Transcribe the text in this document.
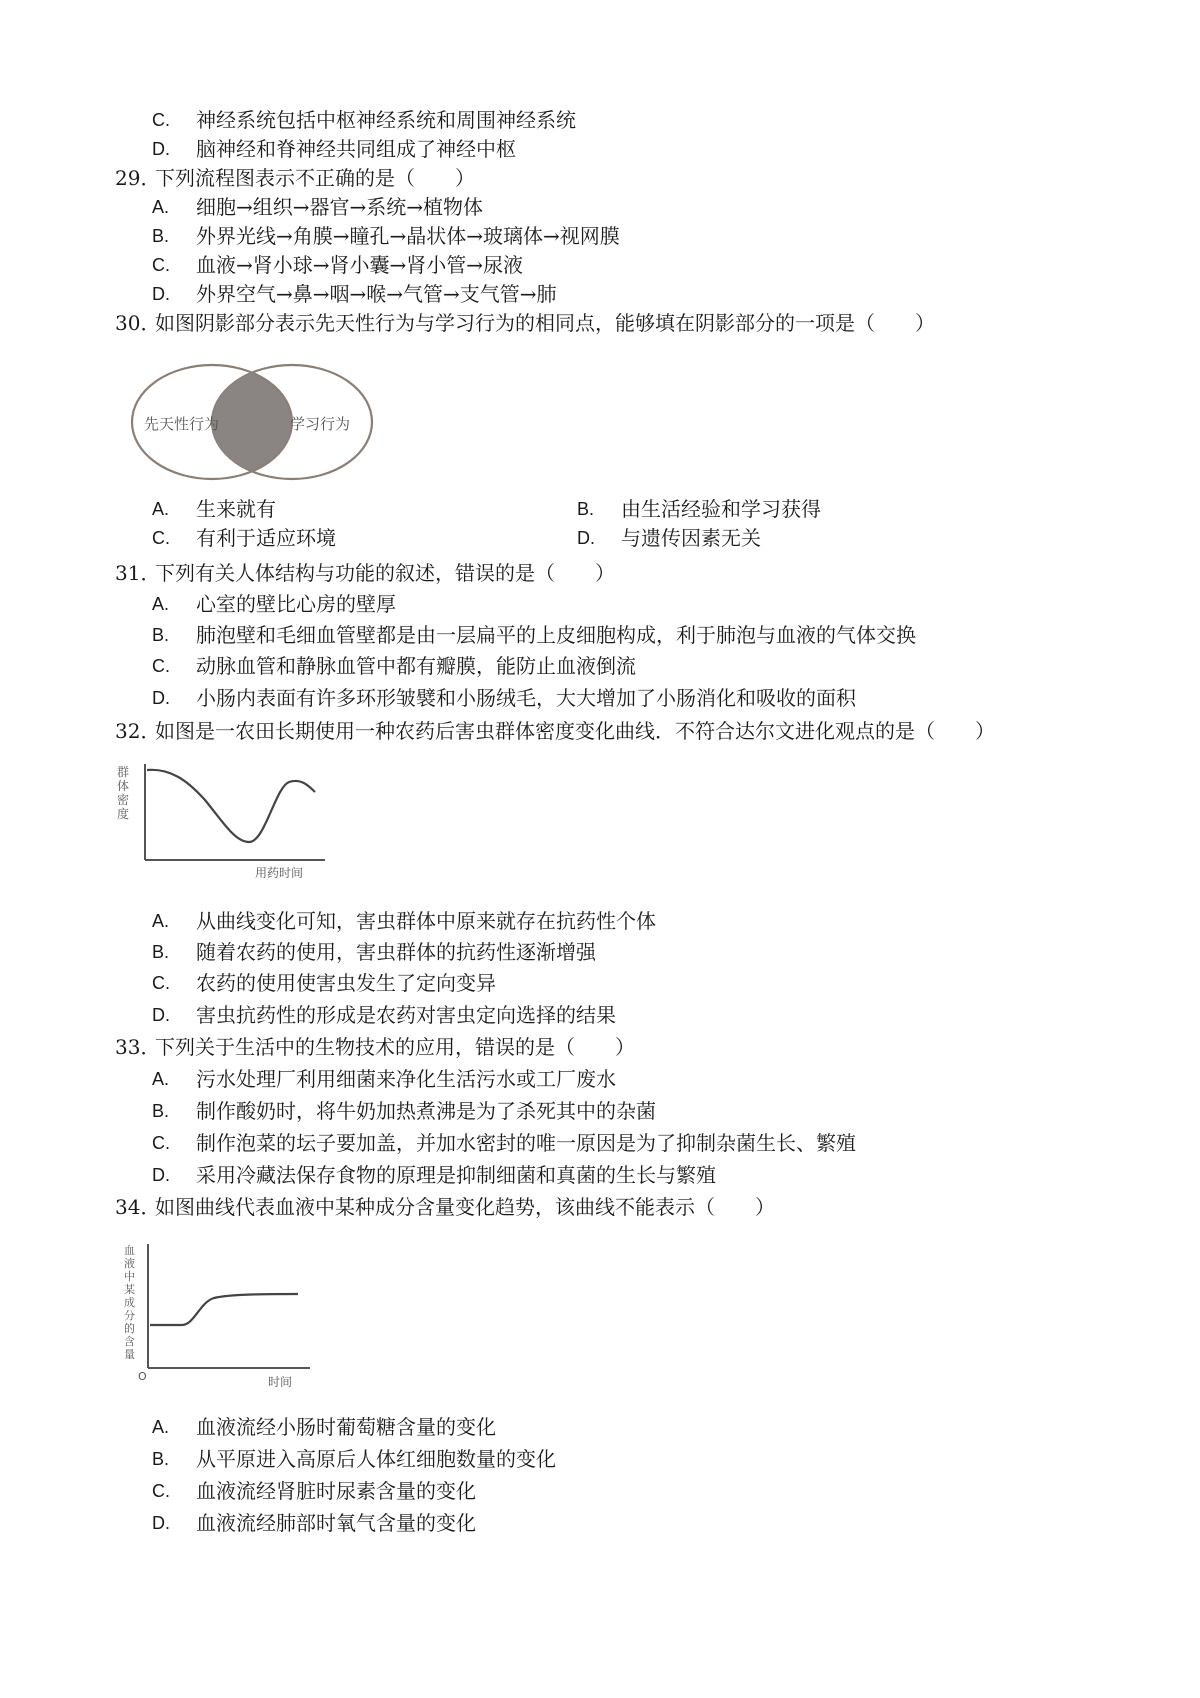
C. 神经系统包括中枢神经系统和周围神经系统
D. 脑神经和脊神经共同组成了神经中枢
29．
下列流程图表示不正确的是（　　）
A. 细胞→组织→器官→系统→植物体
B. 外界光线→角膜→瞳孔→晶状体→玻璃体→视网膜
C. 血液→肾小球→肾小囊→肾小管→尿液
D. 外界空气→鼻→咽→喉→气管→支气管→肺
30．
如图阴影部分表示先天性行为与学习行为的相同点，能够填在阴影部分的一项是（　　）
先天性行为	学习行为
A. 生来就有	B. 由生活经验和学习获得
C. 有利于适应环境	D. 与遗传因素无关
31．
下列有关人体结构与功能的叙述，错误的是（　　）
A. 心室的壁比心房的壁厚
B. 肺泡壁和毛细血管壁都是由一层扁平的上皮细胞构成，利于肺泡与血液的气体交换
C. 动脉血管和静脉血管中都有瓣膜，能防止血液倒流
D. 小肠内表面有许多环形皱襞和小肠绒毛，大大增加了小肠消化和吸收的面积
32．
如图是一农田长期使用一种农药后害虫群体密度变化曲线．不符合达尔文进化观点的是（　　）
群 体 密 度
用药时间
A. 从曲线变化可知，害虫群体中原来就存在抗药性个体
B. 随着农药的使用，害虫群体的抗药性逐渐增强
C. 农药的使用使害虫发生了定向变异
D. 害虫抗药性的形成是农药对害虫定向选择的结果
33．
下列关于生活中的生物技术的应用，错误的是（　　）
A. 污水处理厂利用细菌来净化生活污水或工厂废水
B. 制作酸奶时，将牛奶加热煮沸是为了杀死其中的杂菌
C. 制作泡菜的坛子要加盖，并加水密封的唯一原因是为了抑制杂菌生长、繁殖
D. 采用冷藏法保存食物的原理是抑制细菌和真菌的生长与繁殖
34．
如图曲线代表血液中某种成分含量变化趋势，该曲线不能表示（　　）
血 液 中 某 成 分 的 含 量
O	时间
A. 血液流经小肠时葡萄糖含量的变化
B. 从平原进入高原后人体红细胞数量的变化
C. 血液流经肾脏时尿素含量的变化
D. 血液流经肺部时氧气含量的变化
